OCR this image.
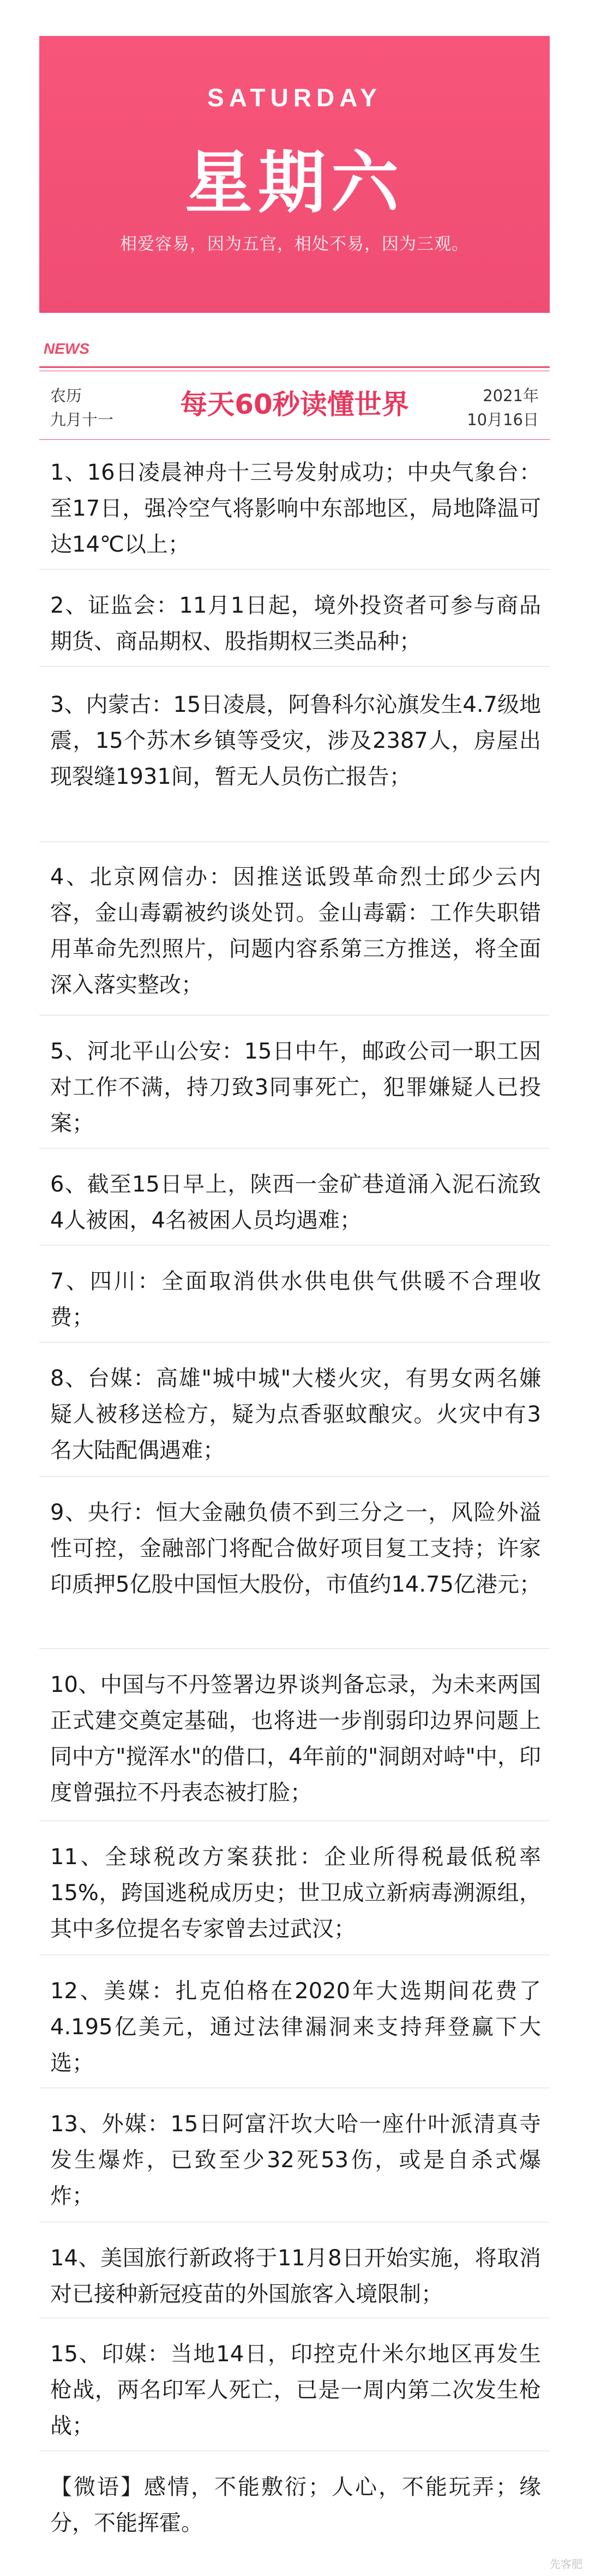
SATURDAY
星期六
相爱容易，因为五官，相处不易，因为三观。
NEWS
农历
九月十一	每天60秒读懂世界	2021年
10月16日
1、16日凌晨神舟十三号发射成功；中央气象台：至17日，强冷空气将影响中东部地区，局地降温可达14℃以上；
2、证监会：11月1日起，境外投资者可参与商品期货、商品期权、股指期权三类品种；
3、内蒙古：15日凌晨，阿鲁科尔沁旗发生4.7级地震，15个苏木乡镇等受灾，涉及2387人，房屋出现裂缝1931间，暂无人员伤亡报告；
4、北京网信办：因推送诋毁革命烈士邱少云内容，金山毒霸被约谈处罚。金山毒霸：工作失职错用革命先烈照片，问题内容系第三方推送，将全面深入落实整改；
5、河北平山公安：15日中午，邮政公司一职工因对工作不满，持刀致3同事死亡，犯罪嫌疑人已投案；
6、截至15日早上，陕西一金矿巷道涌入泥石流致4人被困，4名被困人员均遇难；
7、四川：全面取消供水供电供气供暖不合理收费；
8、台媒：高雄"城中城"大楼火灾，有男女两名嫌疑人被移送检方，疑为点香驱蚊酿灾。火灾中有3名大陆配偶遇难；
9、央行：恒大金融负债不到三分之一，风险外溢性可控，金融部门将配合做好项目复工支持；许家印质押5亿股中国恒大股份，市值约14.75亿港元；
10、中国与不丹签署边界谈判备忘录，为未来两国正式建交奠定基础，也将进一步削弱印边界问题上同中方"搅浑水"的借口，4年前的"洞朗对峙"中，印度曾强拉不丹表态被打脸；
11、全球税改方案获批：企业所得税最低税率15%，跨国逃税成历史；世卫成立新病毒溯源组，其中多位提名专家曾去过武汉；
12、美媒：扎克伯格在2020年大选期间花费了4.195亿美元，通过法律漏洞来支持拜登赢下大选；
13、外媒：15日阿富汗坎大哈一座什叶派清真寺发生爆炸，已致至少32死53伤，或是自杀式爆炸；
14、美国旅行新政将于11月8日开始实施，将取消对已接种新冠疫苗的外国旅客入境限制；
15、印媒：当地14日，印控克什米尔地区再发生枪战，两名印军人死亡，已是一周内第二次发生枪战；
【微语】感情，不能敷衍；人心，不能玩弄；缘分，不能挥霍。
先客肥
